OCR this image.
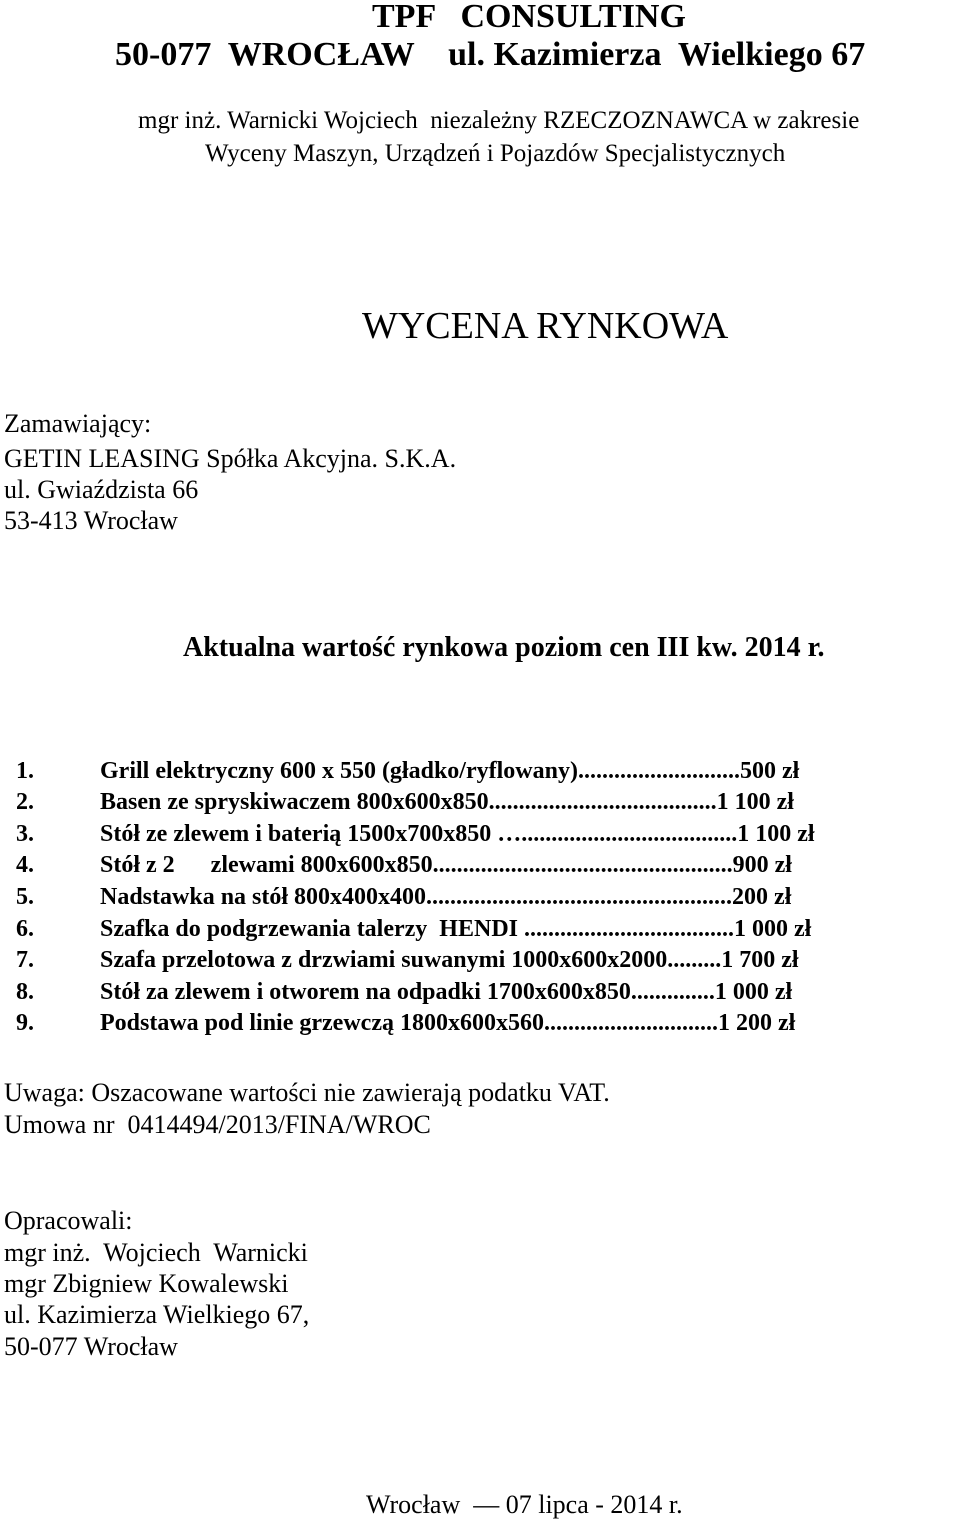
TPF   CONSULTING
50-077  WROCŁAW    ul. Kazimierza  Wielkiego 67
mgr inż. Warnicki Wojciech  niezależny RZECZOZNAWCA w zakresie
Wyceny Maszyn, Urządzeń i Pojazdów Specjalistycznych
WYCENA RYNKOWA
Zamawiający:
GETIN LEASING Spółka Akcyjna. S.K.A.
ul. Gwiaździsta 66
53-413 Wrocław
Aktualna wartość rynkowa poziom cen III kw. 2014 r.

1.	Grill elektryczny 600 x 550 (gładko/ryflowany)...........................500 zł

2.	Basen ze spryskiwaczem 800x600x850......................................1 100 zł

3.	Stół ze zlewem i baterią 1500x700x850 …....................................1 100 zł

4.	Stół z 2      zlewami 800x600x850..................................................900 zł

5.	Nadstawka na stół 800x400x400...................................................200 zł

6.	Szafka do podgrzewania talerzy  HENDI ...................................1 000 zł

7.	Szafa przelotowa z drzwiami suwanymi 1000x600x2000.........1 700 zł

8.	Stół za zlewem i otworem na odpadki 1700x600x850..............1 000 zł

9.	Podstawa pod linie grzewczą 1800x600x560.............................1 200 zł

Uwaga: Oszacowane wartości nie zawierają podatku VAT.
Umowa nr  0414494/2013/FINA/WROC
Opracowali:
mgr inż.  Wojciech  Warnicki
mgr Zbigniew Kowalewski
ul. Kazimierza Wielkiego 67,
50-077 Wrocław
Wrocław  — 07 lipca - 2014 r.
